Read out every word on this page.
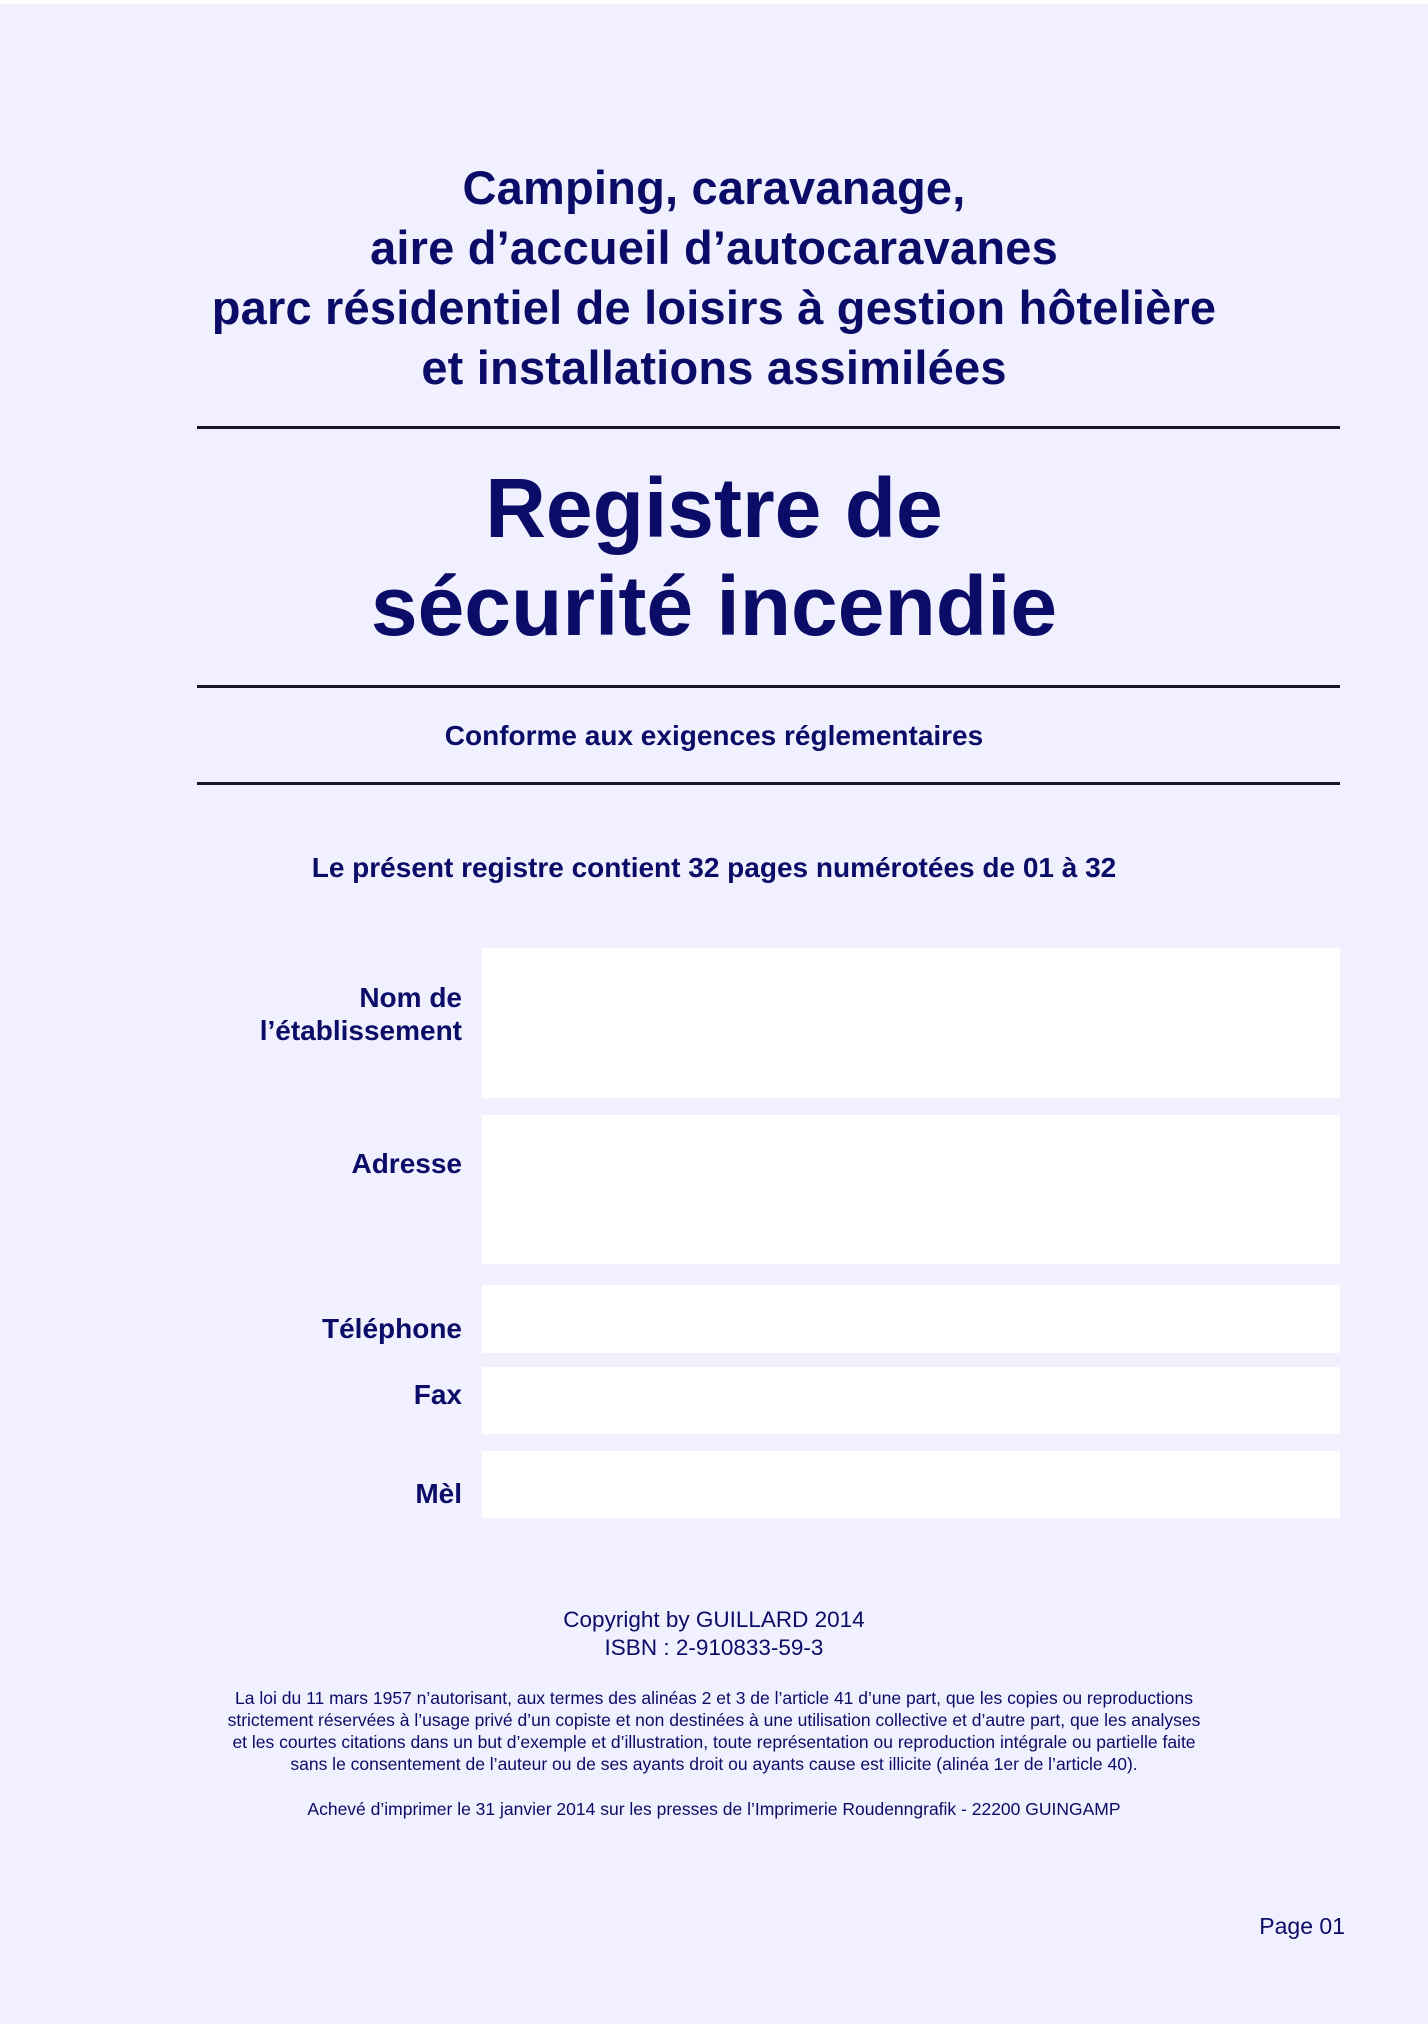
Camping, caravanage,
aire d’accueil d’autocaravanes
parc résidentiel de loisirs à gestion hôtelière
et installations assimilées
Registre de
sécurité incendie
Conforme aux exigences réglementaires
Le présent registre contient 32 pages numérotées de 01 à 32
Nom de
l’établissement
Adresse
Téléphone
Fax
Mèl
Copyright by GUILLARD 2014
ISBN : 2-910833-59-3
La loi du 11 mars 1957 n’autorisant, aux termes des alinéas 2 et 3 de l’article 41 d’une part, que les copies ou reproductions
strictement réservées à l’usage privé d’un copiste et non destinées à une utilisation collective et d’autre part, que les analyses
et les courtes citations dans un but d’exemple et d’illustration, toute représentation ou reproduction intégrale ou partielle faite
sans le consentement de l’auteur ou de ses ayants droit ou ayants cause est illicite (alinéa 1er de l’article 40).
Achevé d’imprimer le 31 janvier 2014 sur les presses de l’Imprimerie Roudenngrafik - 22200 GUINGAMP
Page 01
